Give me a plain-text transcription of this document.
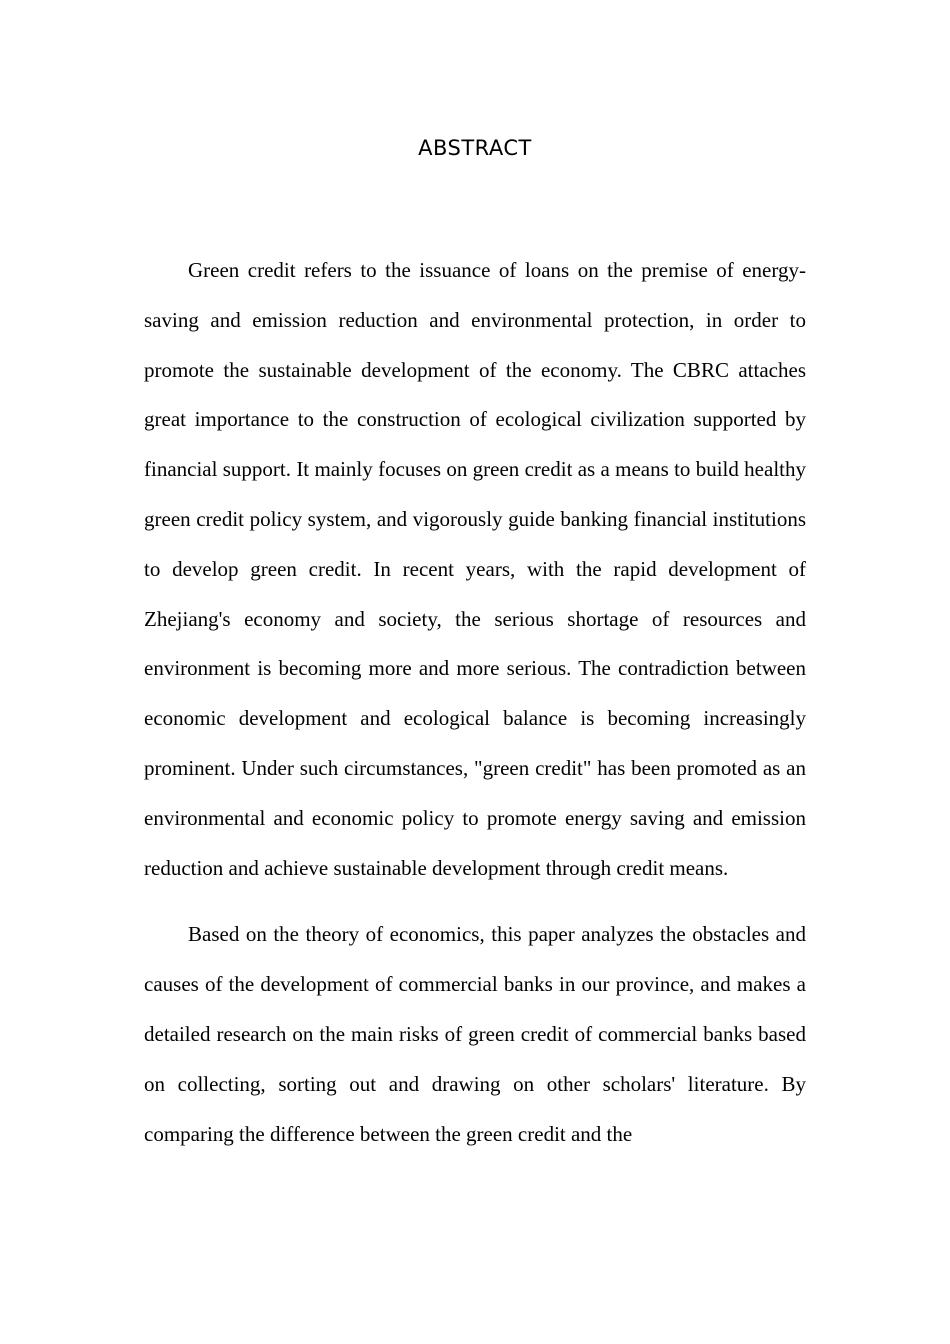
ABSTRACT

Green credit refers to the issuance of loans on the premise of energy-saving and emission reduction and environmental protection, in order to promote the sustainable development of the economy. The CBRC attaches great importance to the construction of ecological civilization supported by financial support. It mainly focuses on green credit as a means to build healthy green credit policy system, and vigorously guide banking financial institutions to develop green credit. In recent years, with the rapid development of Zhejiang's economy and society, the serious shortage of resources and environment is becoming more and more serious. The contradiction between economic development and ecological balance is becoming increasingly prominent. Under such circumstances, "green credit" has been promoted as an environmental and economic policy to promote energy saving and emission reduction and achieve sustainable development through credit means.

Based on the theory of economics, this paper analyzes the obstacles and causes of the development of commercial banks in our province, and makes a detailed research on the main risks of green credit of commercial banks based on collecting, sorting out and drawing on other scholars' literature. By comparing the difference between the green credit and the
